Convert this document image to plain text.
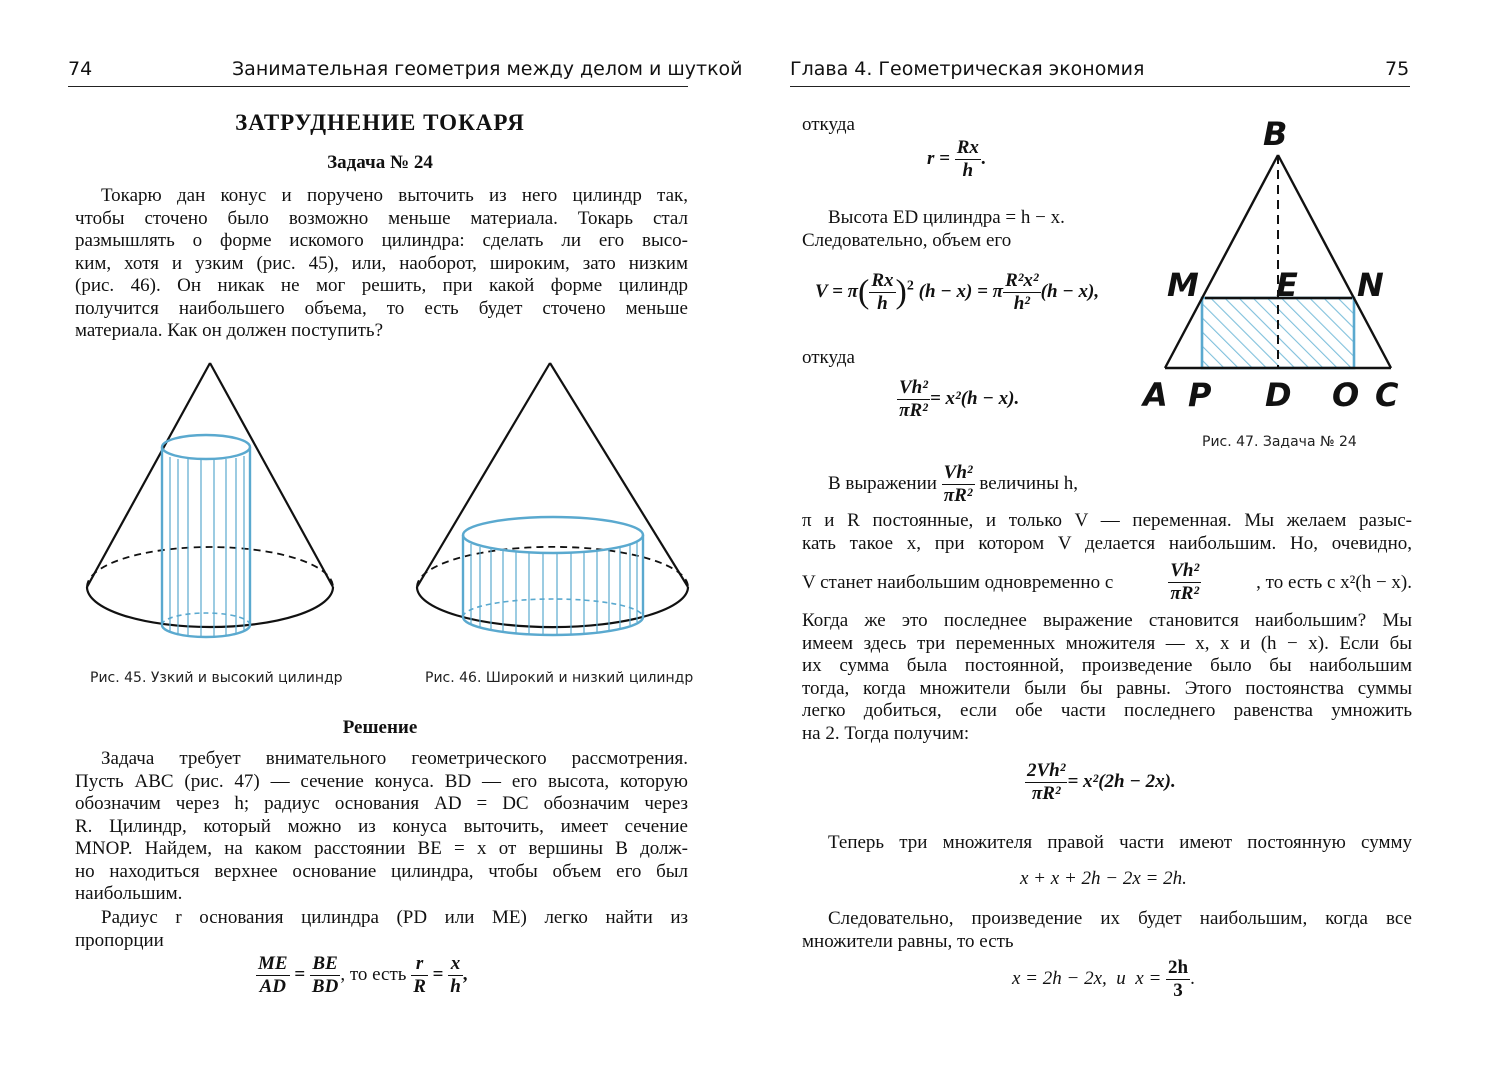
74	Занимательная геометрия между делом и шуткой
ЗАТРУДНЕНИЕ ТОКАРЯ
Задача № 24
Токарю дан конус и поручено выточить из него цилиндр так,
чтобы сточено было возможно меньше материала. Токарь стал
размышлять о форме искомого цилиндра: сделать ли его высо-
ким, хотя и узким (рис. 45), или, наоборот, широким, зато низким
(рис. 46). Он никак не мог решить, при какой форме цилиндр
получится наибольшего объема, то есть будет сточено меньше
материала. Как он должен поступить?
Рис. 45. Узкий и высокий цилиндр	Рис. 46. Широкий и низкий цилиндр
Решение
Задача требует внимательного геометрического рассмотрения.
Пусть ABC (рис. 47) — сечение конуса. BD — его высота, которую
обозначим через h; радиус основания AD = DC обозначим через
R. Цилиндр, который можно из конуса выточить, имеет сечение
MNOP. Найдем, на каком расстоянии BE = x от вершины B долж-
но находиться верхнее основание цилиндра, чтобы объем его был
наибольшим.
Радиус r основания цилиндра (PD или ME) легко найти из
пропорции
$\frac{ME}{AD} = \frac{BE}{BD}$ , то есть $\frac{r}{R} = \frac{x}{h}$ ,
Глава 4. Геометрическая экономия	75
откуда
$r = \frac{Rx}{h}$ .
Высота ED цилиндра = h − x.
Следовательно, объем его
$V = \pi( \frac{Rx}{h} )^2$ (h − x) = π $\frac{\text{R²x²}}{\text{h²}} (h - x)$,
откуда
$\frac{\text{Vh²}}{\text{πR²}} = x^2(h - x)$.
B
M E N
A P D O C
Рис. 47. Задача № 24
В выражении $\frac{\text{Vh²}}{\text{πR²}}$ величины h,
π и R постоянные, и только V — переменная. Мы желаем разыс-
кать такое x, при котором V делается наибольшим. Но, очевидно,
V станет наибольшим одновременно с	$\frac{\text{Vh²}}{\text{πR²}}$	, то есть с x²(h − x).
Когда же это последнее выражение становится наибольшим? Мы
имеем здесь три переменных множителя — x, x и (h − x). Если бы
их сумма была постоянной, произведение было бы наибольшим
тогда, когда множители были бы равны. Этого постоянства суммы
легко добиться, если обе части последнего равенства умножить
на 2. Тогда получим:
$\frac{\text{2Vh²}}{\text{πR²}} = x^2(2h - 2x)$.
Теперь три множителя правой части имеют постоянную сумму
x + x + 2h − 2x = 2h.
Следовательно, произведение их будет наибольшим, когда все
множители равны, то есть
x = 2h − 2x,  и  $x = \frac{2h}{3}$ .
